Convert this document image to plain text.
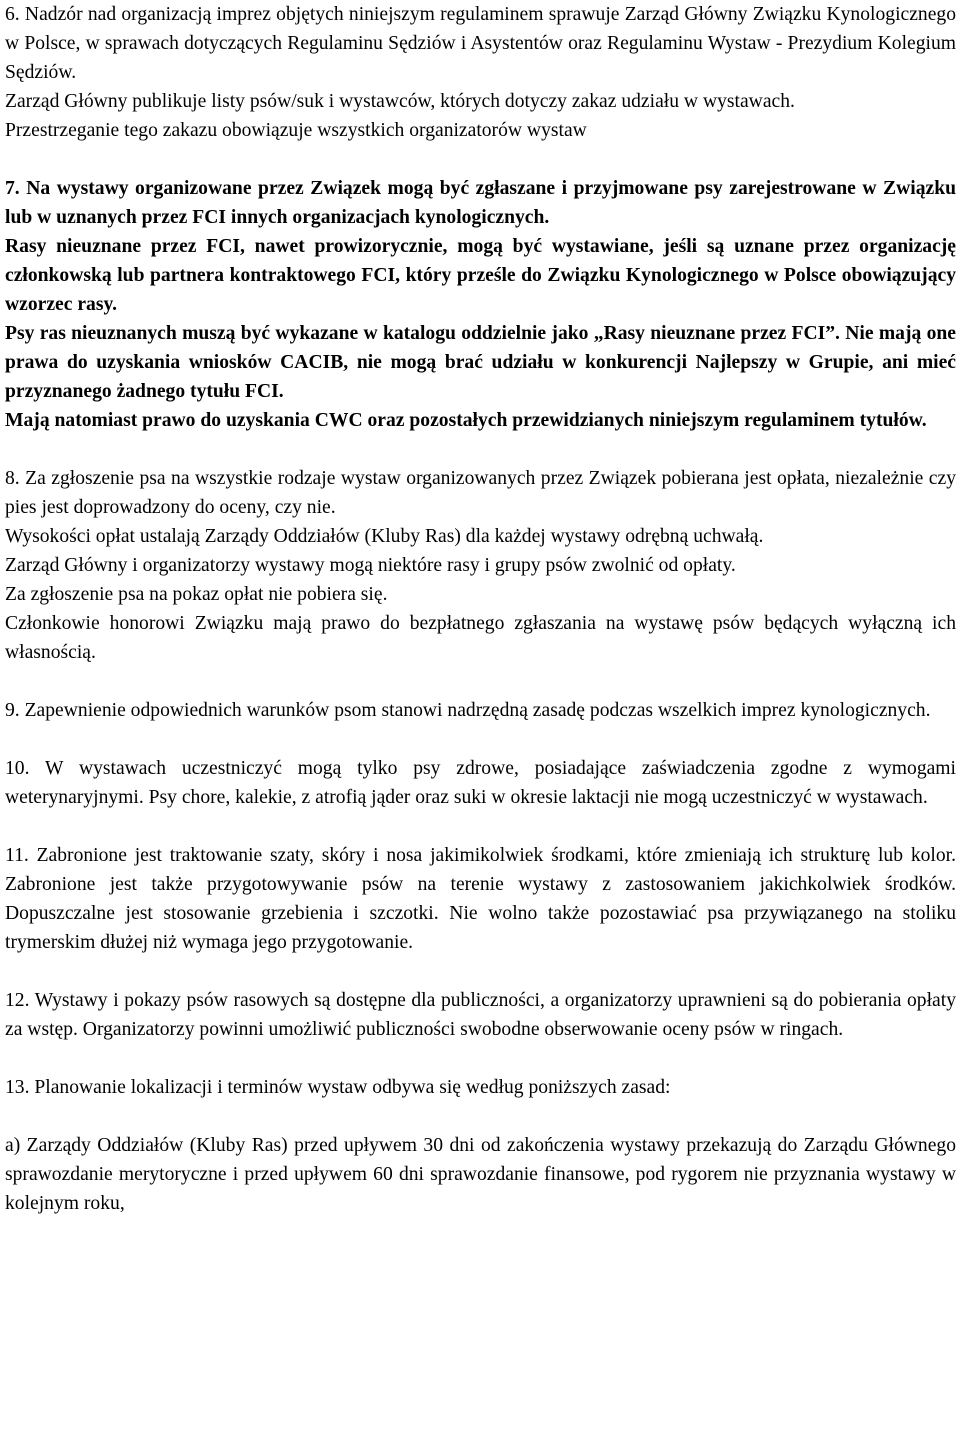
6. Nadzór nad organizacją imprez objętych niniejszym regulaminem sprawuje Zarząd Główny Związku Kynologicznego w Polsce, w sprawach dotyczących Regulaminu Sędziów i Asystentów oraz Regulaminu Wystaw - Prezydium Kolegium Sędziów.

Zarząd Główny publikuje listy psów/suk i wystawców, których dotyczy zakaz udziału w wystawach.

Przestrzeganie tego zakazu obowiązuje wszystkich organizatorów wystaw

7. Na wystawy organizowane przez Związek mogą być zgłaszane i przyjmowane psy zarejestrowane w Związku lub w uznanych przez FCI innych organizacjach kynologicznych.

Rasy nieuznane przez FCI, nawet prowizorycznie, mogą być wystawiane, jeśli są uznane przez organizację członkowską lub partnera kontraktowego FCI, który prześle do Związku Kynologicznego w Polsce obowiązujący wzorzec rasy.

Psy ras nieuznanych muszą być wykazane w katalogu oddzielnie jako „Rasy nieuznane przez FCI”. Nie mają one prawa do uzyskania wniosków CACIB, nie mogą brać udziału w konkurencji Najlepszy w Grupie, ani mieć przyznanego żadnego tytułu FCI.

Mają natomiast prawo do uzyskania CWC oraz pozostałych przewidzianych niniejszym regulaminem tytułów.

8. Za zgłoszenie psa na wszystkie rodzaje wystaw organizowanych przez Związek pobierana jest opłata, niezależnie czy pies jest doprowadzony do oceny, czy nie.

Wysokości opłat ustalają Zarządy Oddziałów (Kluby Ras) dla każdej wystawy odrębną uchwałą.

Zarząd Główny i organizatorzy wystawy mogą niektóre rasy i grupy psów zwolnić od opłaty.

Za zgłoszenie psa na pokaz opłat nie pobiera się.

Członkowie honorowi Związku mają prawo do bezpłatnego zgłaszania na wystawę psów będących wyłączną ich własnością.

9. Zapewnienie odpowiednich warunków psom stanowi nadrzędną zasadę podczas wszelkich imprez kynologicznych.

10. W wystawach uczestniczyć mogą tylko psy zdrowe, posiadające zaświadczenia zgodne z wymogami weterynaryjnymi. Psy chore, kalekie, z atrofią jąder oraz suki w okresie laktacji nie mogą uczestniczyć w wystawach.

11. Zabronione jest traktowanie szaty, skóry i nosa jakimikolwiek środkami, które zmieniają ich strukturę lub kolor. Zabronione jest także przygotowywanie psów na terenie wystawy z zastosowaniem jakichkolwiek środków. Dopuszczalne jest stosowanie grzebienia i szczotki. Nie wolno także pozostawiać psa przywiązanego na stoliku trymerskim dłużej niż wymaga jego przygotowanie.

12. Wystawy i pokazy psów rasowych są dostępne dla publiczności, a organizatorzy uprawnieni są do pobierania opłaty za wstęp. Organizatorzy powinni umożliwić publiczności swobodne obserwowanie oceny psów w ringach.

13. Planowanie lokalizacji i terminów wystaw odbywa się według poniższych zasad:

a) Zarządy Oddziałów (Kluby Ras) przed upływem 30 dni od zakończenia wystawy przekazują do Zarządu Głównego sprawozdanie merytoryczne i przed upływem 60 dni sprawozdanie finansowe, pod rygorem nie przyznania wystawy w kolejnym roku,
